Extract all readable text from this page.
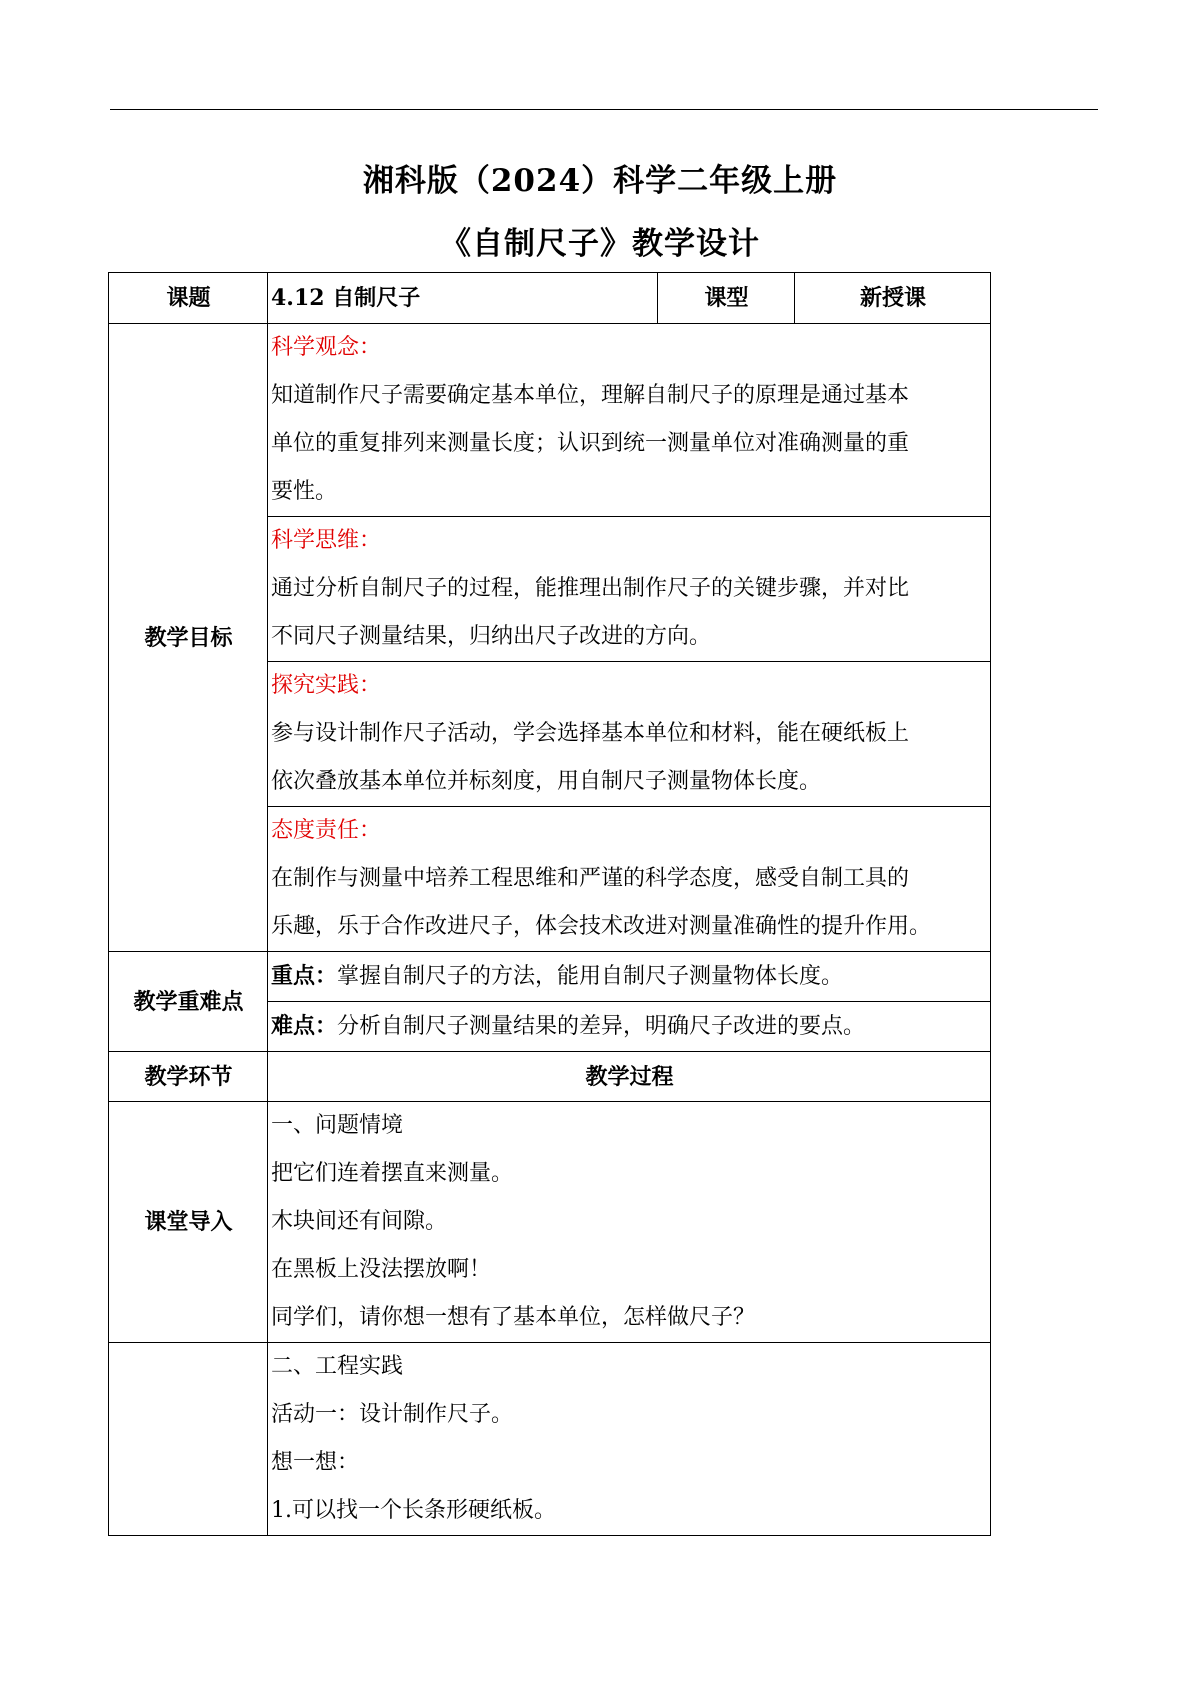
湘科版（2024）科学二年级上册
《自制尺子》教学设计
课题	4.12 自制尺子	课型	新授课
教学目标	科学观念：
知道制作尺子需要确定基本单位，理解自制尺子的原理是通过基本
单位的重复排列来测量长度；认识到统一测量单位对准确测量的重
要性。		

	科学思维：
通过分析自制尺子的过程，能推理出制作尺子的关键步骤，并对比
不同尺子测量结果，归纳出尺子改进的方向。		

	探究实践：
参与设计制作尺子活动，学会选择基本单位和材料，能在硬纸板上
依次叠放基本单位并标刻度，用自制尺子测量物体长度。		

	态度责任：
在制作与测量中培养工程思维和严谨的科学态度，感受自制工具的
乐趣，乐于合作改进尺子，体会技术改进对测量准确性的提升作用。		

教学重难点	重点：掌握自制尺子的方法，能用自制尺子测量物体长度。		
	难点：分析自制尺子测量结果的差异，明确尺子改进的要点。		
教学环节	教学过程		
课堂导入	一、问题情境
把它们连着摆直来测量。
木块间还有间隙。
在黑板上没法摆放啊！
同学们，请你想一想有了基本单位，怎样做尺子？		

	二、工程实践
活动一：设计制作尺子。
想一想：
1.可以找一个长条形硬纸板。		
